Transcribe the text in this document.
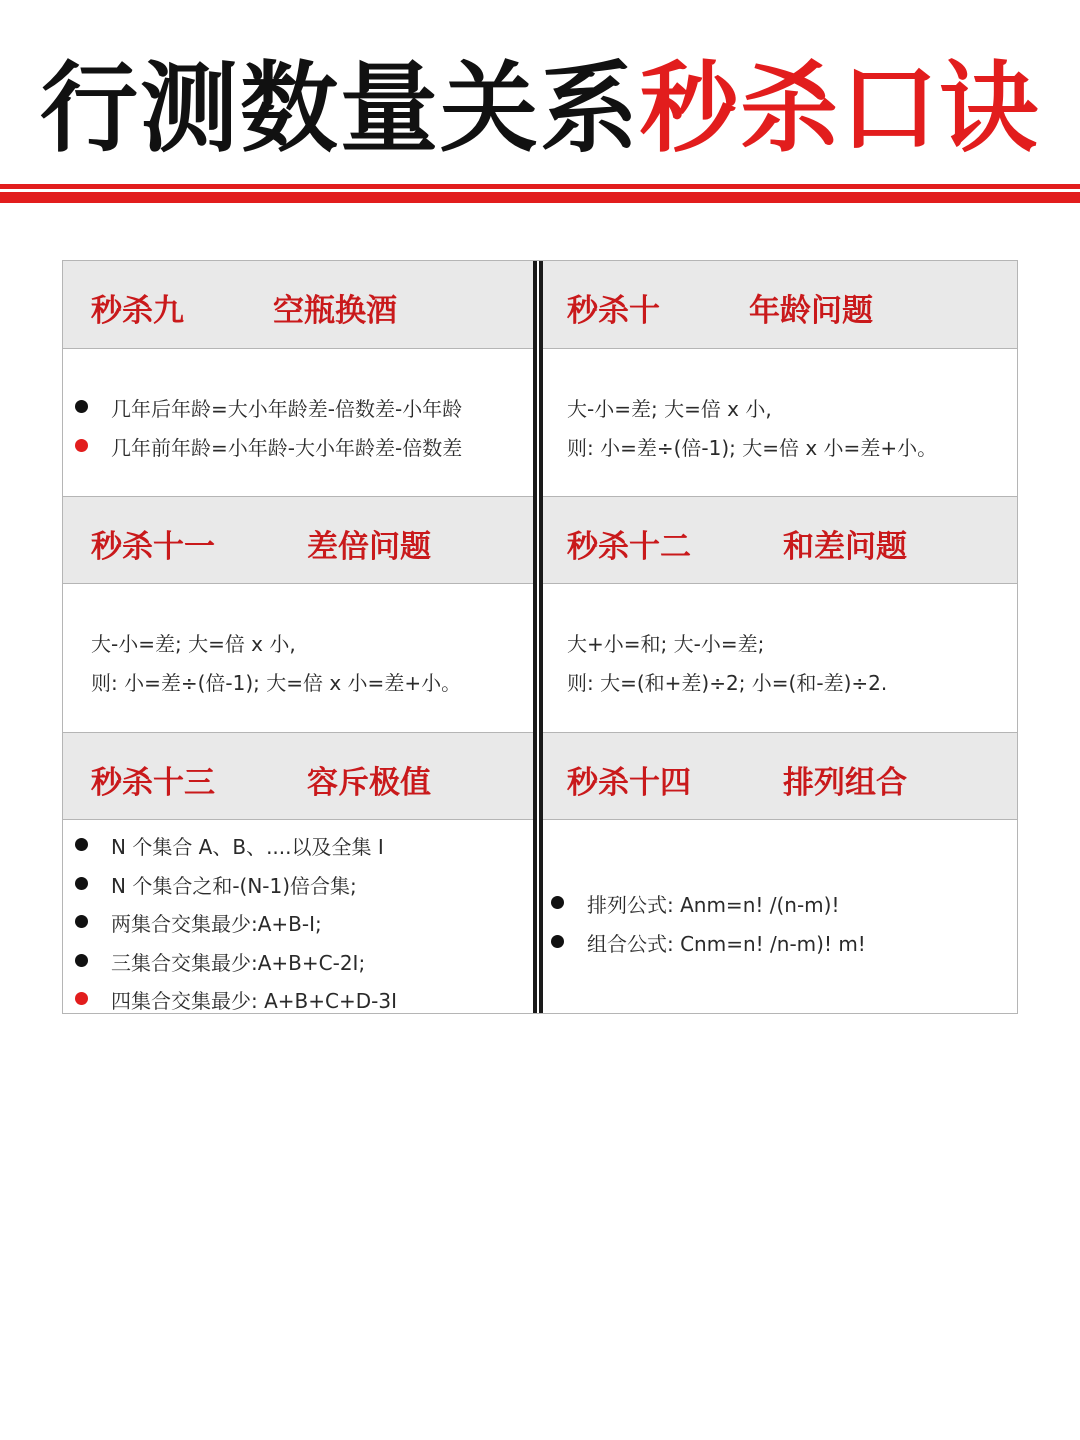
行测数量关系 秒杀口诀
秒杀九	空瓶换酒
几年后年龄=大小年龄差-倍数差-小年龄
几年前年龄=小年龄-大小年龄差-倍数差
秒杀十	年龄问题
大-小=差; 大=倍 x 小,
则: 小=差÷(倍-1); 大=倍 x 小=差+小。
秒杀十一	差倍问题
大-小=差; 大=倍 x 小,
则: 小=差÷(倍-1); 大=倍 x 小=差+小。
秒杀十二	和差问题
大+小=和; 大-小=差;
则: 大=(和+差)÷2; 小=(和-差)÷2.
秒杀十三	容斥极值
N 个集合 A、B、....以及全集 I
N 个集合之和-(N-1)倍合集;
两集合交集最少:A+B-I;
三集合交集最少:A+B+C-2I;
四集合交集最少: A+B+C+D-3I
秒杀十四	排列组合
排列公式: Anm=n! /(n-m)!
组合公式: Cnm=n! /n-m)! m!
